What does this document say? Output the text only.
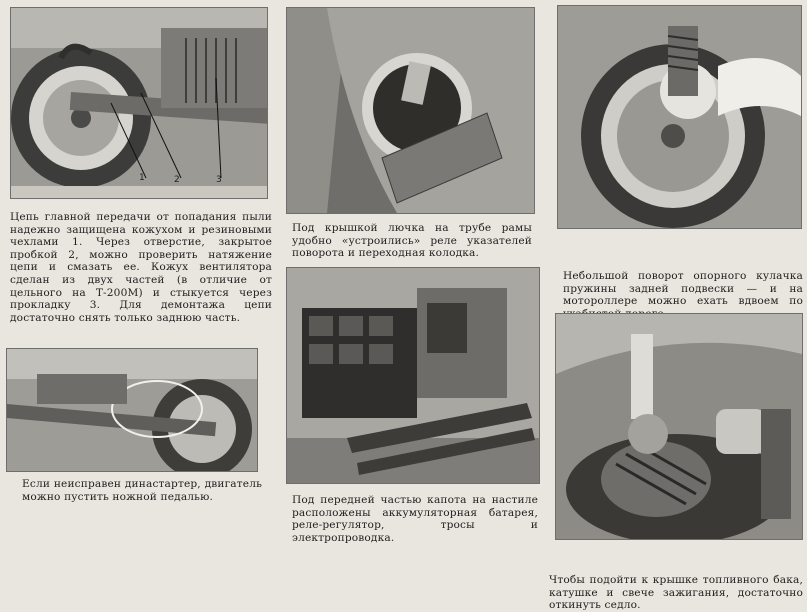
1	2	3

Цепь главной передачи от попадания пыли надежно защищена кожухом и резиновыми чехлами 1. Через отверстие, закрытое пробкой 2, можно проверить натяжение цепи и смазать ее. Кожух вентилятора сделан из двух частей (в отличие от цельного на Т-200М) и стыкуется через прокладку 3. Для демонтажа цепи достаточно снять только заднюю часть.

Под крышкой лючка на трубе рамы удобно «устроились» реле указателей поворота и переходная колодка.

Небольшой поворот опорного кулачка пружины задней подвески — и на мотороллере можно ехать вдвоем по

Если неисправен династартер, двигатель можно пустить ножной педалью.	Под передней частью капота на настиле расположены аккумуляторная батарея, реле-регулятор, тросы и электропроводка.

Чтобы подойти к крышке топливного бака, катушке и свече зажигания, достаточно откинуть седло.
